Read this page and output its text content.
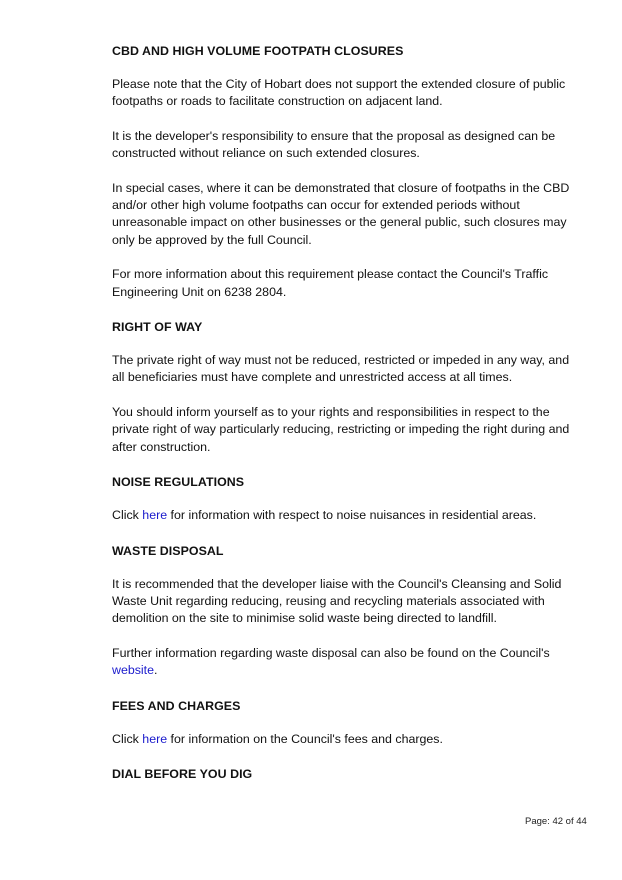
CBD AND HIGH VOLUME FOOTPATH CLOSURES

Please note that the City of Hobart does not support the extended closure of public footpaths or roads to facilitate construction on adjacent land.

It is the developer's responsibility to ensure that the proposal as designed can be constructed without reliance on such extended closures.

In special cases, where it can be demonstrated that closure of footpaths in the CBD and/or other high volume footpaths can occur for extended periods without unreasonable impact on other businesses or the general public, such closures may only be approved by the full Council.

For more information about this requirement please contact the Council's Traffic Engineering Unit on 6238 2804.

RIGHT OF WAY

The private right of way must not be reduced, restricted or impeded in any way, and all beneficiaries must have complete and unrestricted access at all times.

You should inform yourself as to your rights and responsibilities in respect to the private right of way particularly reducing, restricting or impeding the right during and after construction.

NOISE REGULATIONS

Click here for information with respect to noise nuisances in residential areas.

WASTE DISPOSAL

It is recommended that the developer liaise with the Council's Cleansing and Solid Waste Unit regarding reducing, reusing and recycling materials associated with demolition on the site to minimise solid waste being directed to landfill.

Further information regarding waste disposal can also be found on the Council's website.

FEES AND CHARGES

Click here for information on the Council's fees and charges.

DIAL BEFORE YOU DIG
Page: 42 of 44
